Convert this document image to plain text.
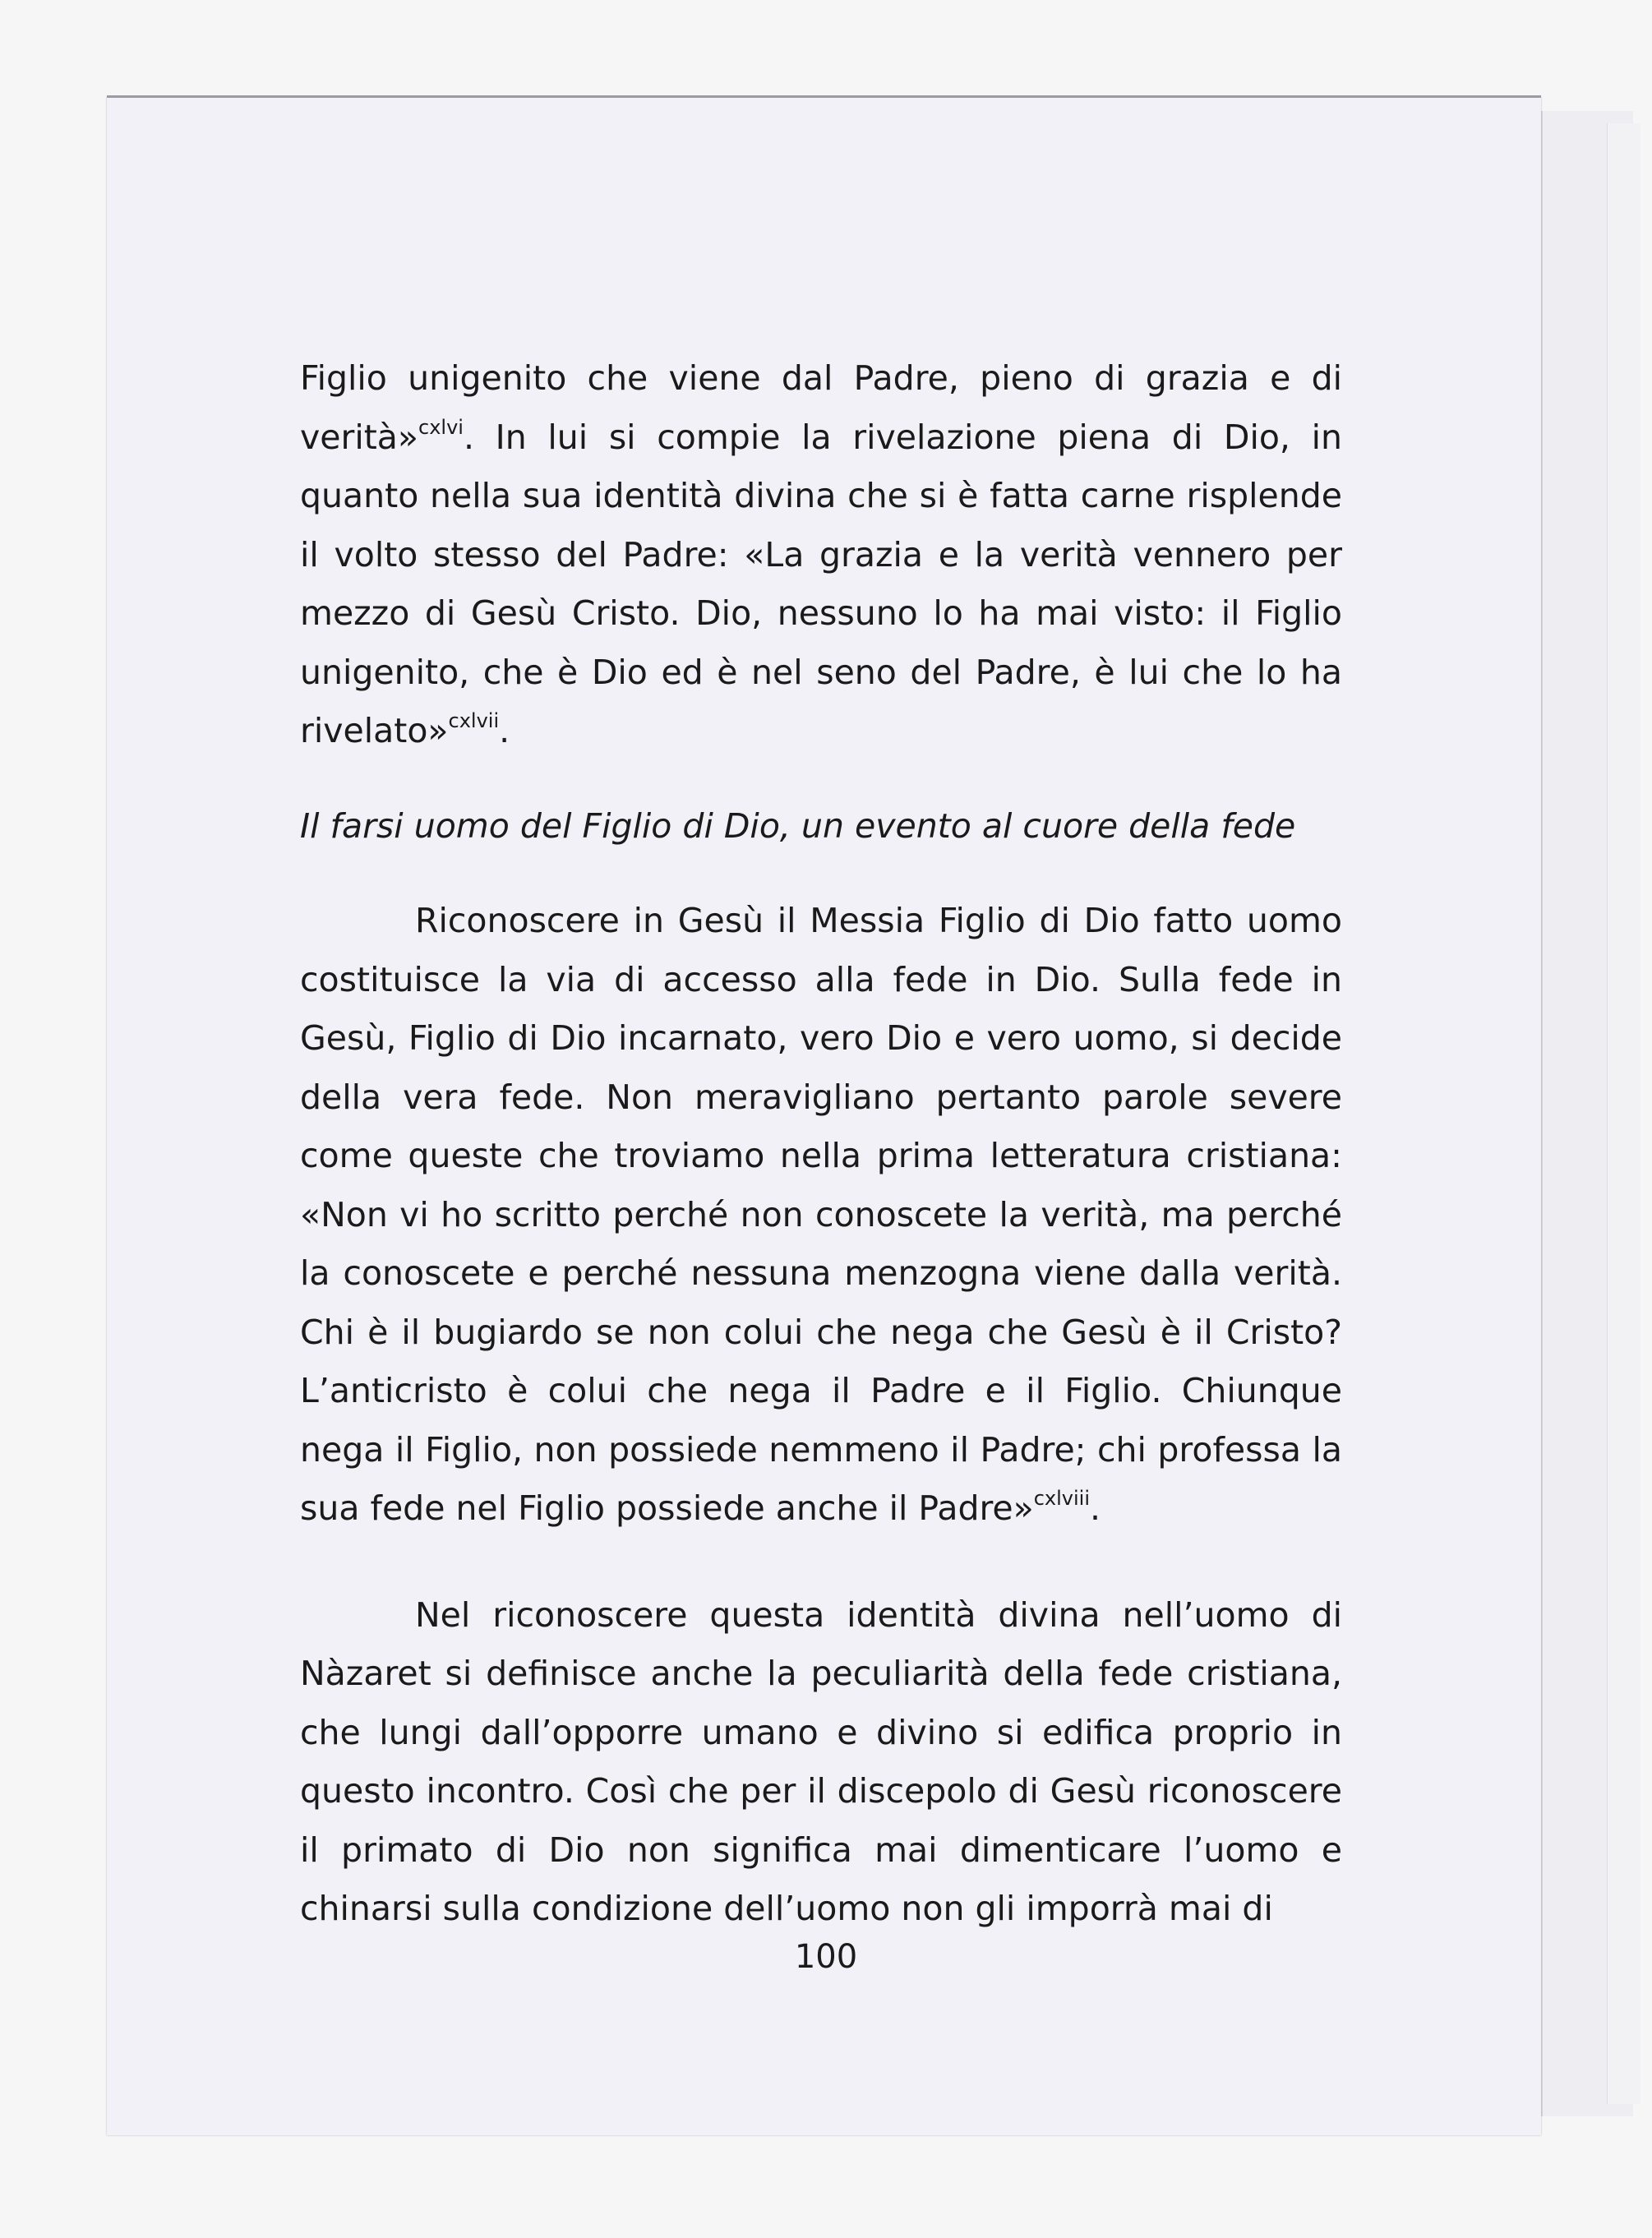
Figlio unigenito che viene dal Padre, pieno di grazia e di verità»$^{cxlvi}$. In lui si compie la rivelazione piena di Dio, in quanto nella sua identità divina che si è fatta carne risplende il volto stesso del Padre: «La grazia e la verità vennero per mezzo di Gesù Cristo. Dio, nessuno lo ha mai visto: il Figlio unigenito, che è Dio ed è nel seno del Padre, è lui che lo ha rivelato»$^{cxlvii}$.

Il farsi uomo del Figlio di Dio, un evento al cuore della fede

Riconoscere in Gesù il Messia Figlio di Dio fatto uomo costituisce la via di accesso alla fede in Dio. Sulla fede in Gesù, Figlio di Dio incarnato, vero Dio e vero uomo, si decide della vera fede. Non meravigliano pertanto parole severe come queste che troviamo nella prima letteratura cristiana: «Non vi ho scritto perché non conoscete la verità, ma perché la conoscete e perché nessuna menzogna viene dalla verità. Chi è il bugiardo se non colui che nega che Gesù è il Cristo? L’anticristo è colui che nega il Padre e il Figlio. Chiunque nega il Figlio, non possiede nemmeno il Padre; chi professa la sua fede nel Figlio possiede anche il Padre»$^{cxlviii}$.

Nel riconoscere questa identità divina nell’uomo di Nàzaret si definisce anche la peculiarità della fede cristiana, che lungi dall’opporre umano e divino si edifica proprio in questo incontro. Così che per il discepolo di Gesù riconoscere il primato di Dio non significa mai dimenticare l’uomo e chinarsi sulla condizione dell’uomo non gli imporrà mai di

100
